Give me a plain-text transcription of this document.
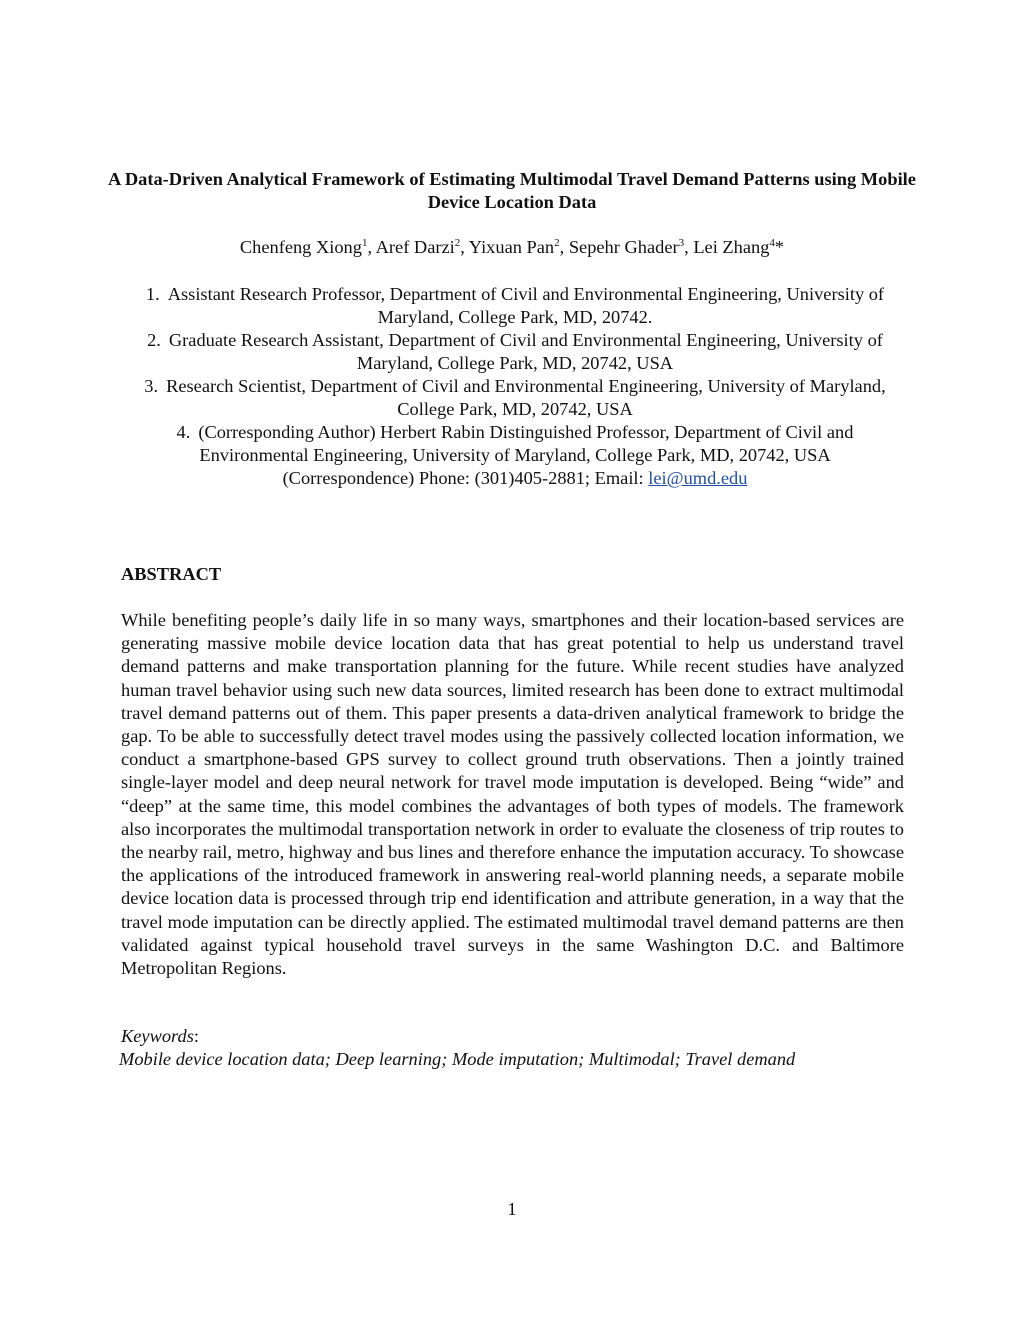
A Data-Driven Analytical Framework of Estimating Multimodal Travel Demand Patterns using Mobile Device Location Data
Chenfeng Xiong$^1$, Aref Darzi$^2$, Yixuan Pan$^2$, Sepehr Ghader$^3$, Lei Zhang$^4$*
1. Assistant Research Professor, Department of Civil and Environmental Engineering, University of Maryland, College Park, MD, 20742.
2. Graduate Research Assistant, Department of Civil and Environmental Engineering, University of Maryland, College Park, MD, 20742, USA
3. Research Scientist, Department of Civil and Environmental Engineering, University of Maryland, College Park, MD, 20742, USA
4. (Corresponding Author) Herbert Rabin Distinguished Professor, Department of Civil and Environmental Engineering, University of Maryland, College Park, MD, 20742, USA
(Correspondence) Phone: (301)405-2881; Email: lei@umd.edu
ABSTRACT

While benefiting people’s daily life in so many ways, smartphones and their location-based services are generating massive mobile device location data that has great potential to help us understand travel demand patterns and make transportation planning for the future. While recent studies have analyzed human travel behavior using such new data sources, limited research has been done to extract multimodal travel demand patterns out of them. This paper presents a data-driven analytical framework to bridge the gap. To be able to successfully detect travel modes using the passively collected location information, we conduct a smartphone-based GPS survey to collect ground truth observations. Then a jointly trained single-layer model and deep neural network for travel mode imputation is developed. Being “wide” and “deep” at the same time, this model combines the advantages of both types of models. The framework also incorporates the multimodal transportation network in order to evaluate the closeness of trip routes to the nearby rail, metro, highway and bus lines and therefore enhance the imputation accuracy. To showcase the applications of the introduced framework in answering real-world planning needs, a separate mobile device location data is processed through trip end identification and attribute generation, in a way that the travel mode imputation can be directly applied. The estimated multimodal travel demand patterns are then validated against typical household travel surveys in the same Washington D.C. and Baltimore Metropolitan Regions.

Keywords:
Mobile device location data; Deep learning; Mode imputation; Multimodal; Travel demand
1
